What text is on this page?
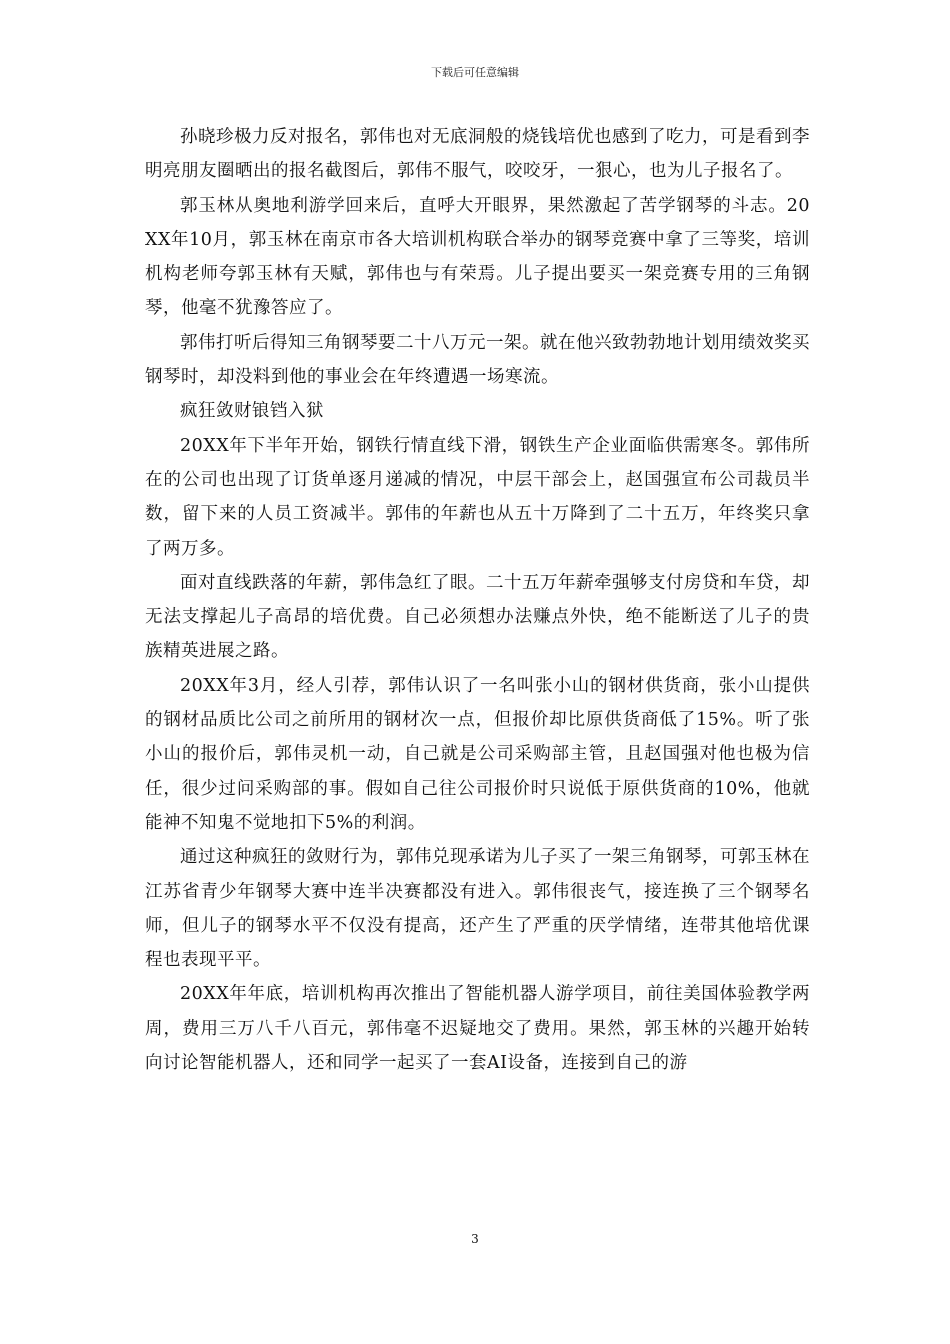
下载后可任意编辑

孙晓珍极力反对报名，郭伟也对无底洞般的烧钱培优也感到了吃力，可是看到李明亮朋友圈晒出的报名截图后，郭伟不服气，咬咬牙，一狠心，也为儿子报名了。

郭玉林从奥地利游学回来后，直呼大开眼界，果然激起了苦学钢琴的斗志。20XX年10月，郭玉林在南京市各大培训机构联合举办的钢琴竞赛中拿了三等奖，培训机构老师夸郭玉林有天赋，郭伟也与有荣焉。儿子提出要买一架竞赛专用的三角钢琴，他毫不犹豫答应了。

郭伟打听后得知三角钢琴要二十八万元一架。就在他兴致勃勃地计划用绩效奖买钢琴时，却没料到他的事业会在年终遭遇一场寒流。

疯狂敛财锒铛入狱

20XX年下半年开始，钢铁行情直线下滑，钢铁生产企业面临供需寒冬。郭伟所在的公司也出现了订货单逐月递减的情况，中层干部会上，赵国强宣布公司裁员半数，留下来的人员工资减半。郭伟的年薪也从五十万降到了二十五万，年终奖只拿了两万多。

面对直线跌落的年薪，郭伟急红了眼。二十五万年薪牵强够支付房贷和车贷，却无法支撑起儿子高昂的培优费。自己必须想办法赚点外快，绝不能断送了儿子的贵族精英进展之路。

20XX年3月，经人引荐，郭伟认识了一名叫张小山的钢材供货商，张小山提供的钢材品质比公司之前所用的钢材次一点，但报价却比原供货商低了15%。听了张小山的报价后，郭伟灵机一动，自己就是公司采购部主管，且赵国强对他也极为信任，很少过问采购部的事。假如自己往公司报价时只说低于原供货商的10%，他就能神不知鬼不觉地扣下5%的利润。

通过这种疯狂的敛财行为，郭伟兑现承诺为儿子买了一架三角钢琴，可郭玉林在江苏省青少年钢琴大赛中连半决赛都没有进入。郭伟很丧气，接连换了三个钢琴名师，但儿子的钢琴水平不仅没有提高，还产生了严重的厌学情绪，连带其他培优课程也表现平平。

20XX年年底，培训机构再次推出了智能机器人游学项目，前往美国体验教学两周，费用三万八千八百元，郭伟毫不迟疑地交了费用。果然，郭玉林的兴趣开始转向讨论智能机器人，还和同学一起买了一套AI设备，连接到自己的游

3
